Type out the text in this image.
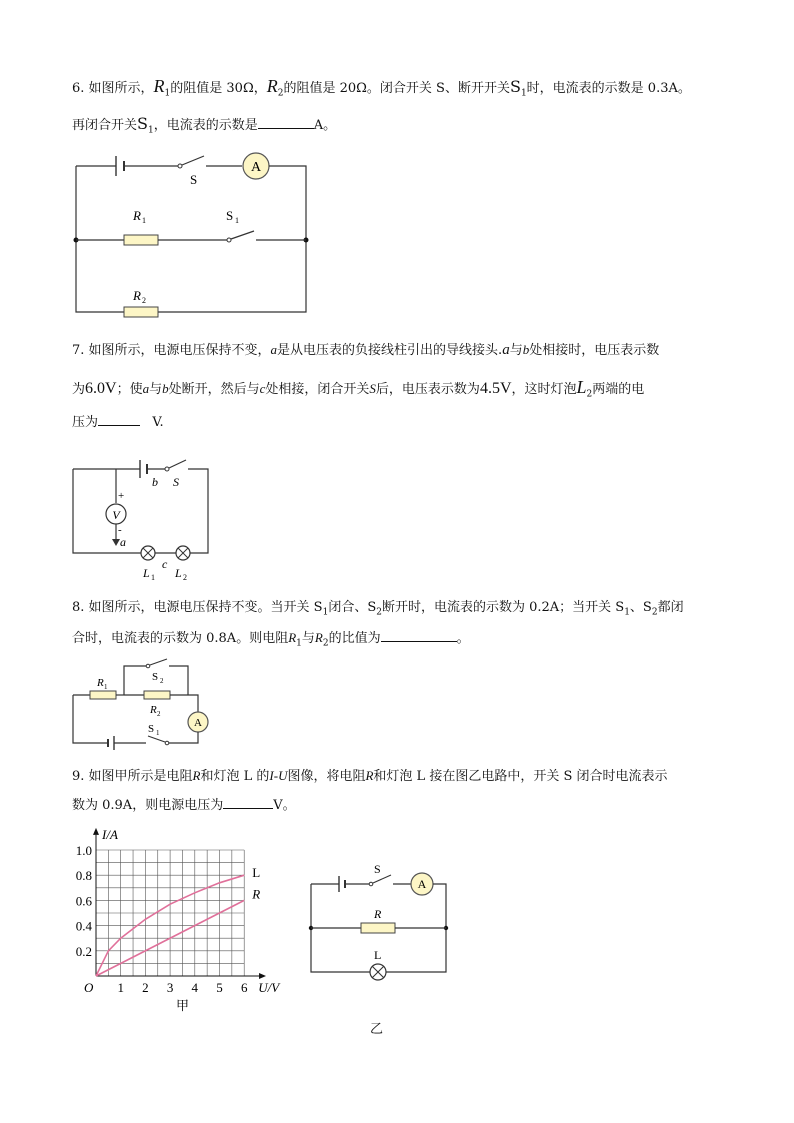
6. 如图所示，$R_1$的阻值是 30Ω，$R_2$的阻值是 20Ω。闭合开关 S、断开开关$S_1$时，电流表的示数是 0.3A。
再闭合开关$S_1$，电流表的示数是	A。
A
S
R 1	S 1
R 2
7. 如图所示，电源电压保持不变，a是从电压表的负接线柱引出的导线接头.a与b处相接时，电压表示数
为6.0V；使a与b处断开，然后与c处相接，闭合开关S后，电压表示数为4.5V，这时灯泡$L_2$两端的电
压为	V.
b S
+
V
-
a
c
L 1 L 2
8. 如图所示，电源电压保持不变。当开关 $S_1$闭合、$S_2$断开时，电流表的示数为 0.2A；当开关 $S_1$、$S_2$都闭
合时，电流表的示数为 0.8A。则电阻$R_1$与$R_2$的比值为	。
R 1
S 2
R 2
A
S 1
9. 如图甲所示是电阻R和灯泡 L 的I-U图像，将电阻R和灯泡 L 接在图乙电路中，开关 S 闭合时电流表示
数为 0.9A，则电源电压为	V。
1 2 3 4 5 6
0.2
0.4
0.6
0.8
1.0
O	U/V
I/A
L
R
甲
A
S
R
L
乙
